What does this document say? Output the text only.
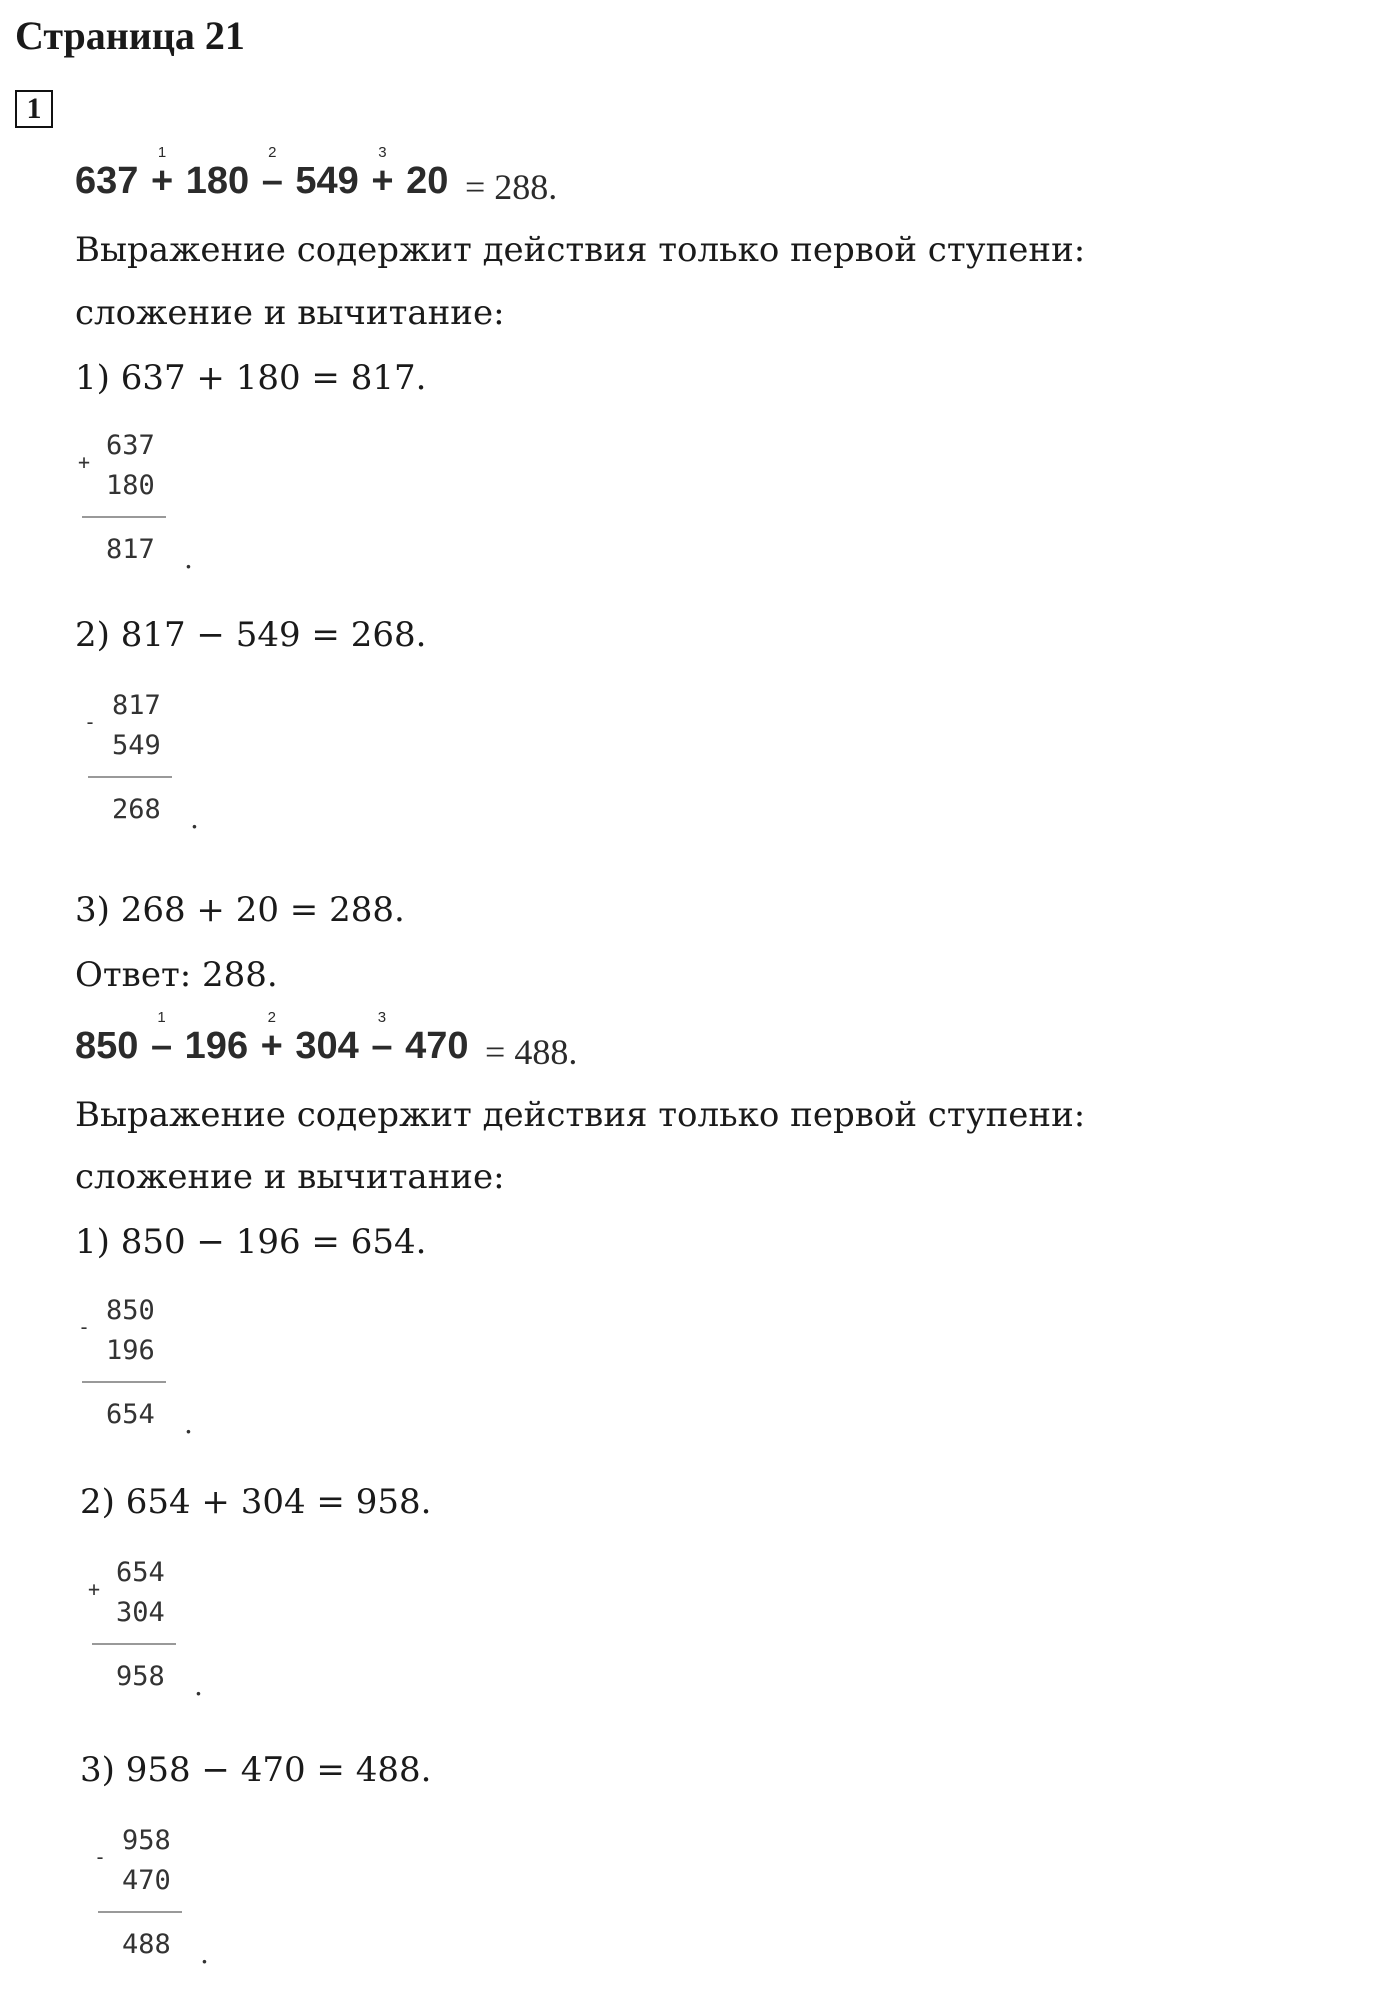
Страница 21
1
637 +
1
180 –
2
549 +
3
20 = 288.
Выражение содержит действия только первой ступени:
сложение и вычитание:
1) 637 + 180 = 817.
+
637
180
817 .
2) 817 − 549 = 268.
-
817
549
268 .
3) 268 + 20 = 288.
Ответ: 288.
850 –
1
196 +
2
304 –
3
470 = 488.
Выражение содержит действия только первой ступени:
сложение и вычитание:
1) 850 − 196 = 654.
-
850
196
654 .
2) 654 + 304 = 958.
+
654
304
958 .
3) 958 − 470 = 488.
-
958
470
488 .
